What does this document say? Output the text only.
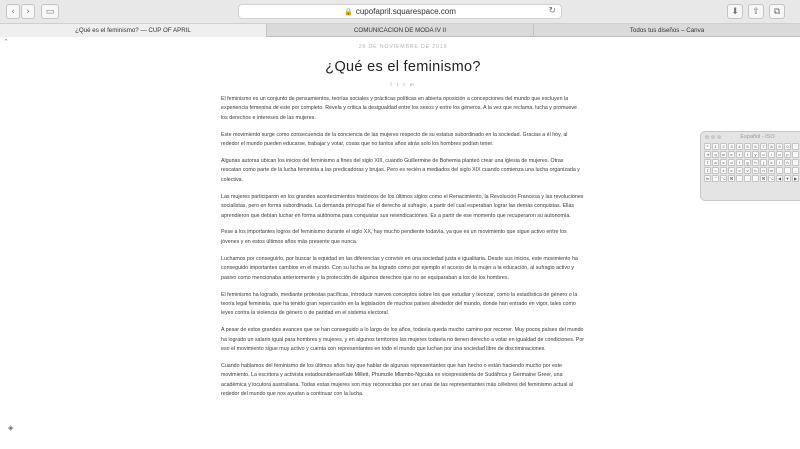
‹	›	▭	🔒 cupofapril.squarespace.com	↻	⬇	⇪	⧉
¿Qué es el feminismo? — CUP OF APRIL	COMUNICACION DE MODA IV II	Todos tus diseños – Canva
⌃
26 DE NOVIEMBRE DE 2019
¿Qué es el feminismo?
f t t m

El feminismo es un conjunto de pensamientos, teorías sociales y prácticas políticas en abierta oposición a concepciones del mundo que excluyen la experiencia femenina de este por completo. Revela y critica la desigualdad entre los sexos y entre los géneros. A la vez que reclama, lucha y promueve los derechos e intereses de las mujeres.

Este movimiento surge como consecuencia de la conciencia de las mujeres respecto de su estatus subordinado en la sociedad. Gracias a él hoy, al rededor el mundo pueden educarse, trabajar y votar, cosas que no tantos años atrás solo los hombres podían tener.

Algunas autoras ubican los inicios del feminismo a fines del siglo XIII, cuando Guillermine de Bohemia planteó crear una iglesia de mujeres. Otras rescatan como parte de la lucha feminista a las predicadoras y brujas. Pero es recién a mediados del siglo XIX cuando comienza una lucha organizada y colectiva.

Las mujeres participaron en los grandes acontecimientos históricos de los últimos siglos como el Renacimiento, la Revolución Francesa y las revoluciones socialistas, pero en forma subordinada. La demanda principal fue el derecho al sufragio, a partir del cual esperaban lograr las demás conquistas. Ellas aprendieron que debían luchar en forma autónoma para conquistar sus reivindicaciones. Es a partir de ese momento que recuperaron su autonomía.

Pese a los importantes logros del feminismo durante el siglo XX, hay mucho pendiente todavía, ya que es un movimiento que sigue activo entre los jóvenes y en estos últimos años más presente que nunca.

Luchamos por conseguirlo, por buscar la equidad en las diferencias y convivir en una sociedad justa e igualitaria. Desde sus inicios, este movimiento ha conseguido importantes cambios en el mundo. Con su lucha se ha logrado como por ejemplo el acceso de la mujer a la educación, al sufragio activo y pasivo como mencionaba anteriormente y la protección de algunos derechos que no se equiparaban a los de los hombres.

El feminismo ha logrado, mediante protestas pacíficas, introducir nuevos conceptos sobre los que estudiar y teorizar, como la estadística de género o la teoría legal feminista, que ha tenido gran repercusión en la legislación de muchos países alrededor del mundo, donde han entrado en vigor, tales como leyes contra la violencia de género o de paridad en el sistema electoral.

A pesar de estos grandes avances que se han conseguido a lo largo de los años, todavía queda mucho camino por recorrer. Muy pocos países del mundo ha logrado un salario igual para hombres y mujeres, y en algunos territorios las mujeres todavía no tienen derecho a votar en igualdad de condiciones. Por eso el movimiento sigue muy activo y cuenta con representantes en todo el mundo que luchan por una sociedad libre de discriminaciones.

Cuando hablamos del feminismo de los últimos años hay que hablar de algunas representantes que han hecho o están haciendo mucho por este movimiento. La escritora y activista estadounidenseKate Millett, Phumzile Mlambo-Ngcuka ex vicepresidenta de Sudáfrica y Germaine Greer, una académica y locutora australiana. Todas estas mujeres son muy reconocidas por ser unas de las representantes más célebres del feminismo actual al rededor del mundo que nos ayudan a continuar con la lucha.

Español - ISO
º	1	2	3	4	5	6	7	8	9	0	'
⇥	q	w	e	r	t	y	u	i	o	p	`
⇪	a	s	d	f	g	h	j	k	l	ñ	´
⇧	<	z	x	c	v	b	n	m	,	.	-
fn	⌃	⌥ ⌘	⌘ ⌥	◀	▼	▶
◈
